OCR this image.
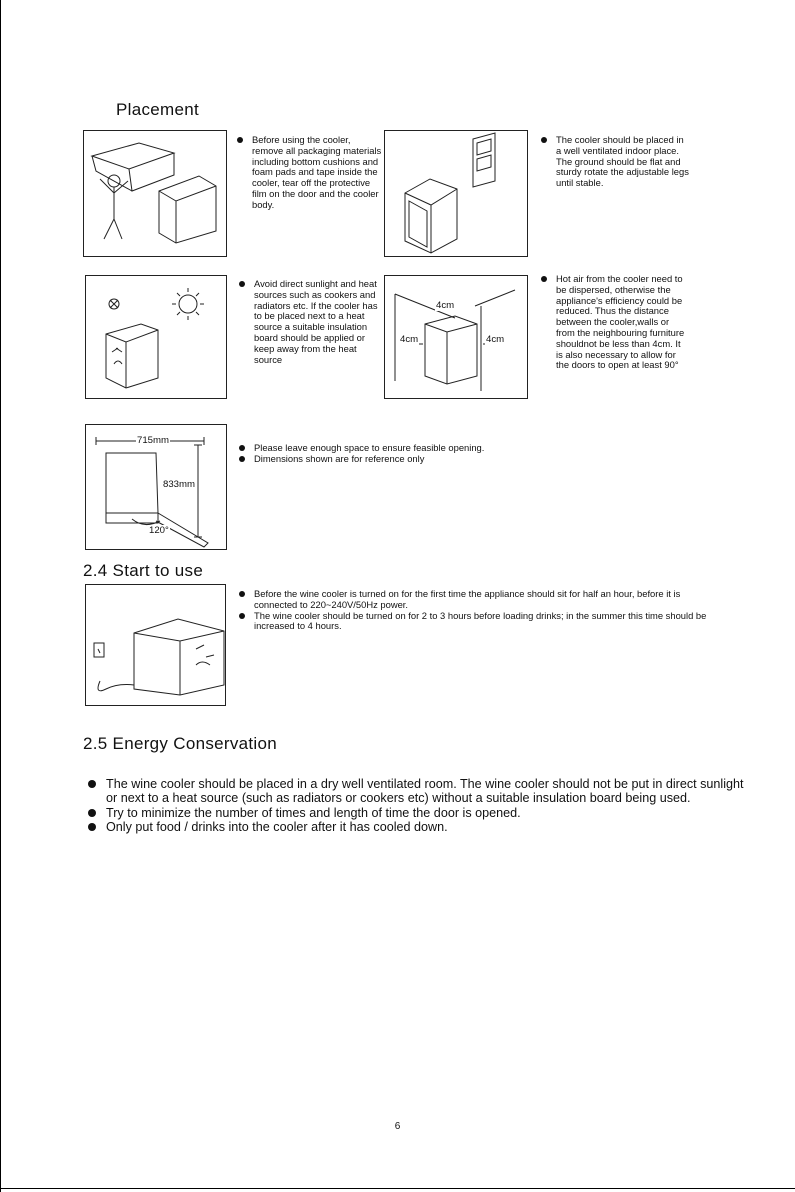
Placement
Before using the cooler, remove all packaging materials including bottom cushions and foam pads and tape inside the cooler, tear off the protective film on the door and the cooler body.
The cooler should be placed in a well ventilated indoor place. The ground should be flat and sturdy rotate the adjustable legs until stable.
Avoid direct sunlight and heat sources such as cookers and radiators etc. If the cooler has to be placed next to a heat source a suitable insulation board should be applied or keep away from the heat source
4cm
4cm	4cm
Hot air from the cooler need to be dispersed, otherwise the appliance's efficiency could be reduced. Thus the distance between the cooler,walls or from the neighbouring furniture shouldnot be less than 4cm. It is also necessary to allow for the doors to open at least 90°
715mm
833mm
120°
Please leave enough space to ensure feasible opening.
Dimensions shown are for reference only
2.4 Start to use
Before the wine cooler is turned on for the first time the appliance should sit for half an hour, before it is connected to 220~240V/50Hz power.
The wine cooler should be turned on for 2 to 3 hours before loading drinks; in the summer this time should be increased to 4 hours.
2.5 Energy Conservation
The wine cooler should be placed in a dry well ventilated room. The wine cooler should not be put in direct sunlight or next to a heat source (such as radiators or cookers etc) without a suitable insulation board being used.
Try to minimize the number of times and length of time the door is opened.
Only put food / drinks into the cooler after it has cooled down.
6
